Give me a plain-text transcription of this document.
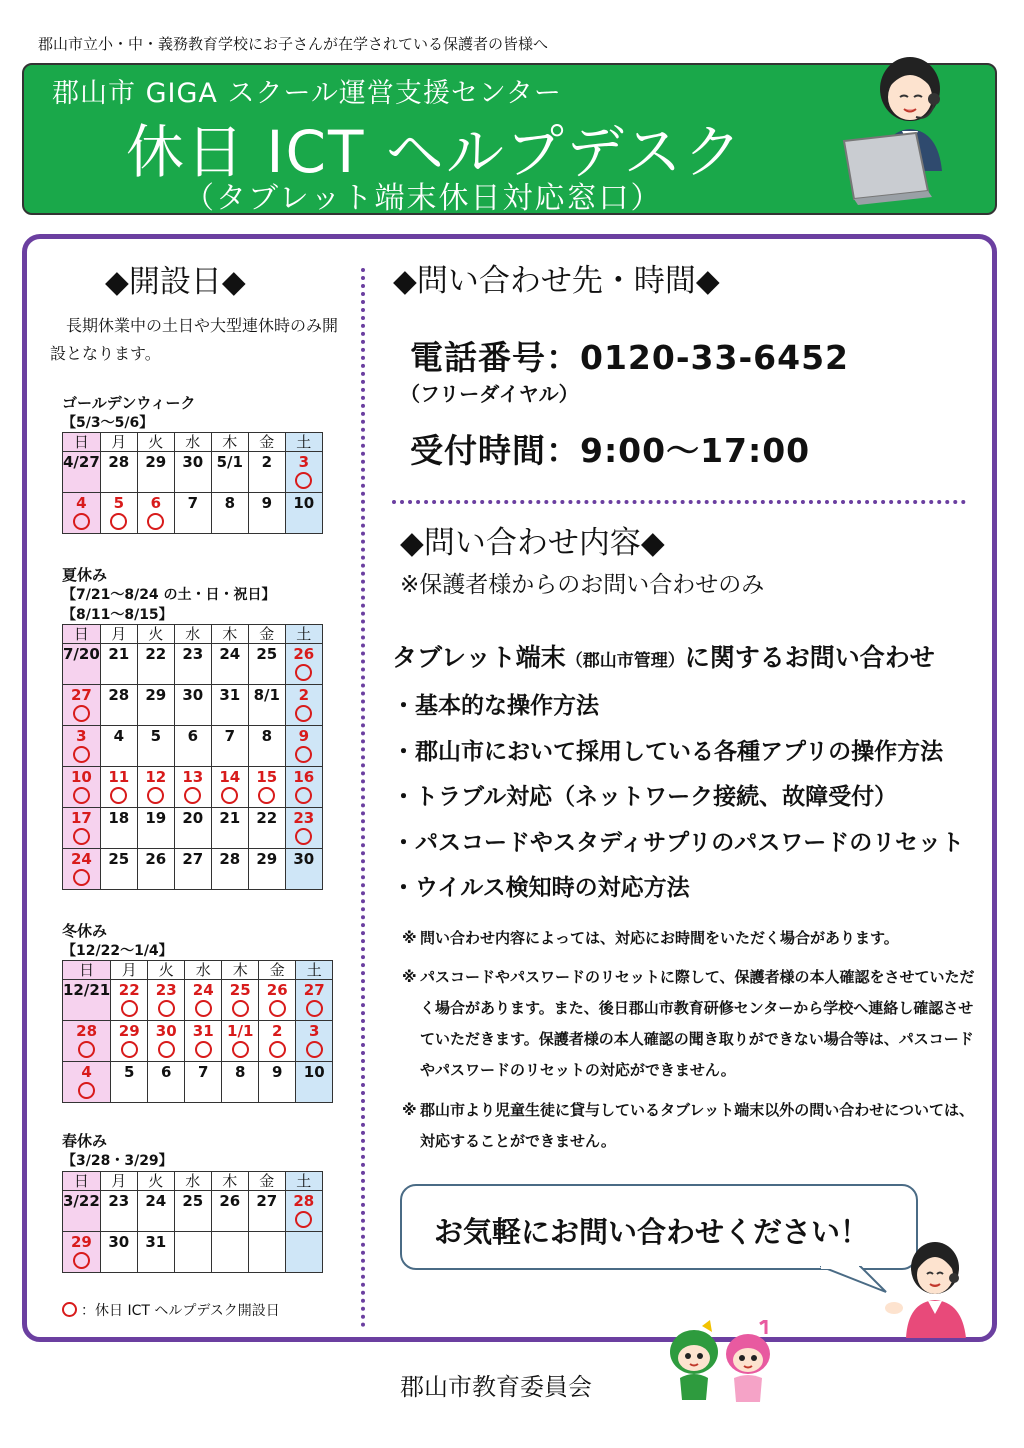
郡山市立小・中・義務教育学校にお子さんが在学されている保護者の皆様へ
郡山市 GIGA スクール運営支援センター
休日 ICT ヘルプデスク
（タブレット端末休日対応窓口）
◆開設日◆
長期休業中の土日や大型連休時のみ開設となります。
ゴールデンウィーク
【5/3～5/6】
日	月	火	水	木	金	土

4/27	28	29	30	5/1	2	3

4	5	6	7	8	9	10
夏休み
【7/21～8/24 の土・日・祝日】
【8/11～8/15】
日	月	火	水	木	金	土

7/20	21	22	23	24	25	26

27	28	29	30	31	8/1	2

3	4	5	6	7	8	9

10	11	12	13	14	15	16

17	18	19	20	21	22	23

24	25	26	27	28	29	30
冬休み
【12/22～1/4】
日	月	火	水	木	金	土

12/21	22	23	24	25	26	27

28	29	30	31	1/1	2	3

4	5	6	7	8	9	10
春休み
【3/28・3/29】
日	月	火	水	木	金	土

3/22	23	24	25	26	27	28

29	30	31				

：休日 ICT ヘルプデスク開設日
◆問い合わせ先・時間◆
電話番号：0120-33-6452
（フリーダイヤル）
受付時間：9:00～17:00
◆問い合わせ内容◆
※保護者様からのお問い合わせのみ
タブレット端末（郡山市管理）に関するお問い合わせ
・基本的な操作方法
・郡山市において採用している各種アプリの操作方法
・トラブル対応（ネットワーク接続、故障受付）
・パスコードやスタディサプリのパスワードのリセット
・ウイルス検知時の対応方法
※ 問い合わせ内容によっては、対応にお時間をいただく場合があります。
※ パスコードやパスワードのリセットに際して、保護者様の本人確認をさせていただく場合があります。また、後日郡山市教育研修センターから学校へ連絡し確認させていただきます。保護者様の本人確認の聞き取りができない場合等は、パスコードやパスワードのリセットの対応ができません。
※ 郡山市より児童生徒に貸与しているタブレット端末以外の問い合わせについては、対応することができません。
お気軽にお問い合わせください！
郡山市教育委員会
